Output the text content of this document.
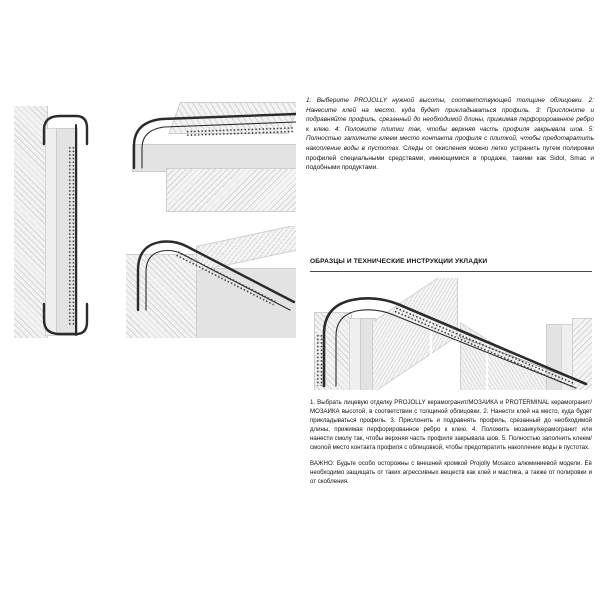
1: Выберите PROJOLLY нужной высоты, соответствующей толщине облицовки. 2: Нанесите клей на место, куда будет прикладываться профиль. 3: Прислоните и подравняйте профиль, срезанный до необходимой длины, прижимая перфорированное ребро к клею. 4: Положите плитки так, чтобы верхняя часть профиля закрывала шов. 5: Полностью заполните клеем место контакта профиля с плиткой, чтобы предотвратить накопление воды в пустотах. Следы от окисления можно легко устранить путем полировки профилей специальными средствами, имеющимися в продаже, такими как Sidol, Smac и подобными продуктами.
ОБРАЗЦЫ И ТЕХНИЧЕСКИЕ ИНСТРУКЦИИ УКЛАДКИ

1. Выбрать лицевую отделку PROJOLLY керамогранит/МОЗАИКА и PROTERMINAL керамогранит/МОЗАИКА высотой, в соответствии с толщиной облицовки. 2. Нанести клей на место, куда будет прикладываться профиль. 3. Прислонить и подравнять профиль, срезанный до необходимой длины, прижимая перфорированное ребро к клею. 4. Положить мозаику/керамогранит или нанести смолу так, чтобы верхняя часть профиля закрывала шов. 5. Полностью заполнить клеем/смолой место контакта профиля с облицовкой, чтобы предотвратить накопление воды в пустотах.

ВАЖНО: Будьте особо осторожны с внешней кромкой Projolly Mosaico алюминиевой модели. Её необходимо защищать от таких агрессивных веществ как клей и мастика, а также от полировки и от скобления.
